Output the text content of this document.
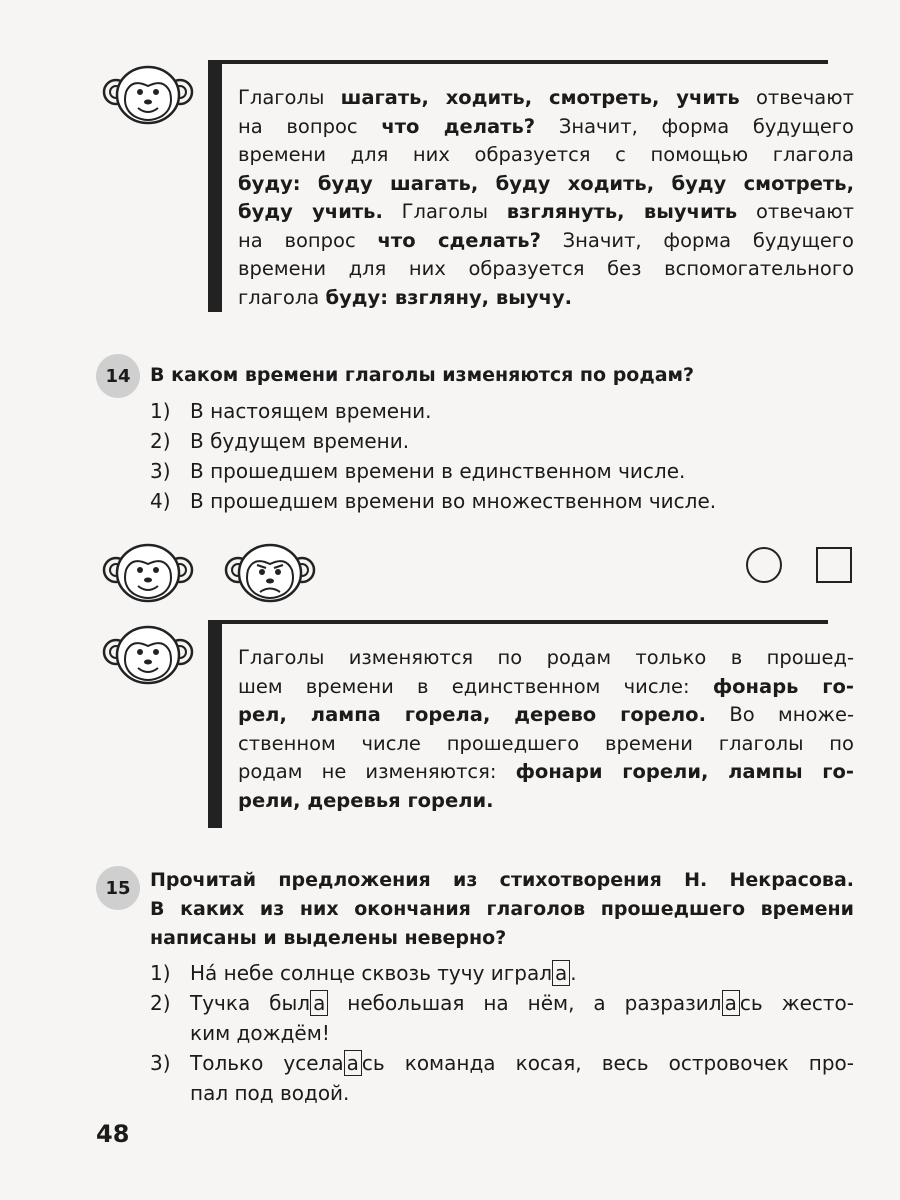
Глаголы шагать, ходить, смотреть, учить отвечают
на вопрос что делать? Значит, форма будущего
времени для них образуется с помощью глагола
буду: буду шагать, буду ходить, буду смотреть,
буду учить. Глаголы взглянуть, выучить отвечают
на вопрос что сделать? Значит, форма будущего
времени для них образуется без вспомогательного
глагола буду: взгляну, выучу.
14	В каком времени глаголы изменяются по родам?
1) В настоящем времени.
2) В будущем времени.
3) В прошедшем времени в единственном числе.
4) В прошедшем времени во множественном числе.
Глаголы изменяются по родам только в прошед-
шем времени в единственном числе: фонарь го-
рел, лампа горела, дерево горело. Во множе-
ственном числе прошедшего времени глаголы по
родам не изменяются: фонари горели, лампы го-
рели, деревья горели.
15	Прочитай предложения из стихотворения Н. Некрасова.
В каких из них окончания глаголов прошедшего времени
написаны и выделены неверно?
1) На́ небе солнце сквозь тучу играл а .
2) Тучка был а небольшая на нём, а разразил а сь жесто-
ким дождём!
3) Только уселa а сь команда косая, весь островочек про-
пал под водой.
48
